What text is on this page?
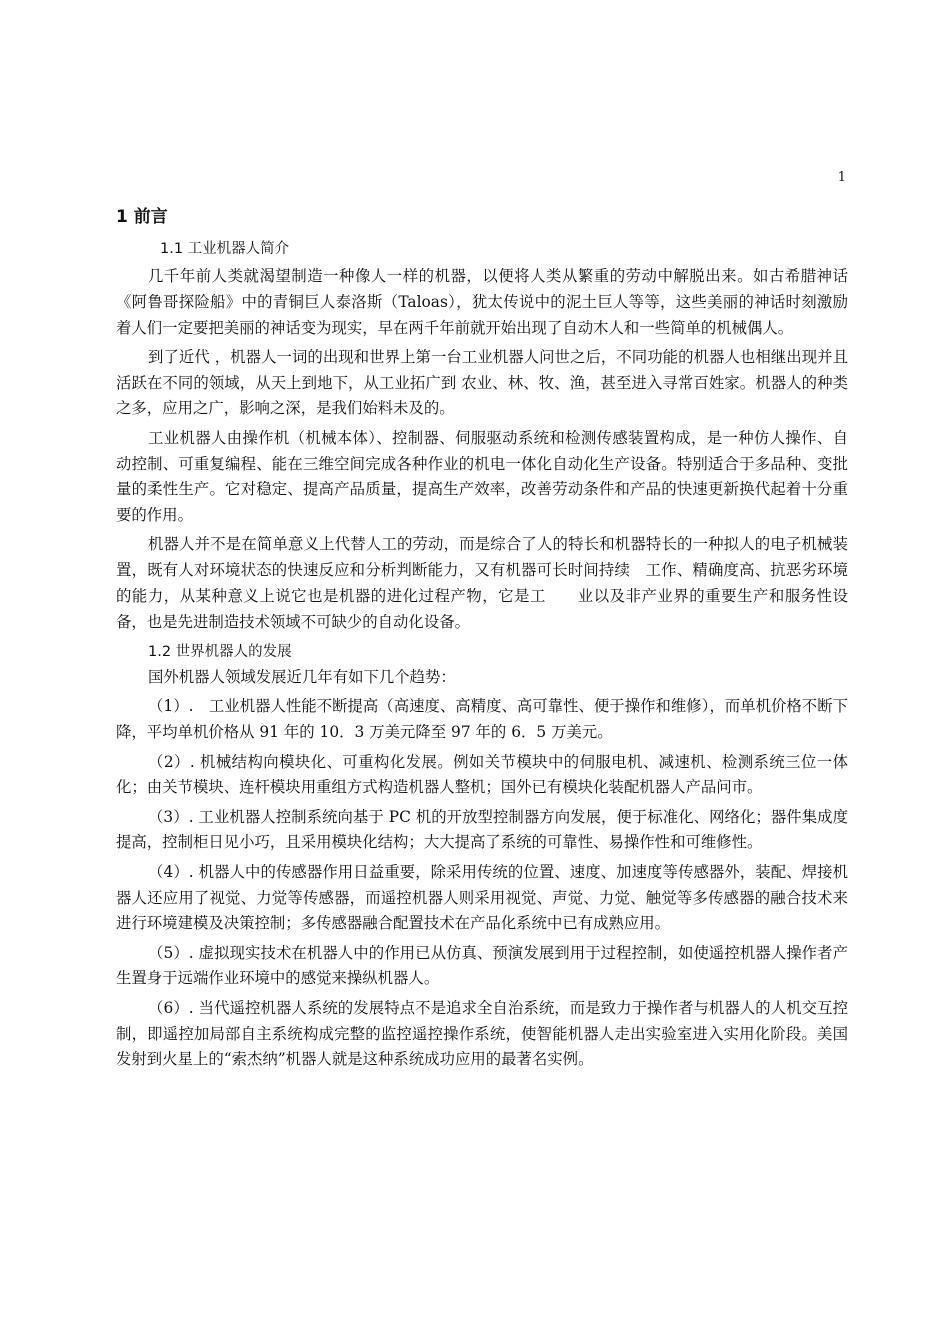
1
1 前言
1.1 工业机器人简介

几千年前人类就渴望制造一种像人一样的机器，以便将人类从繁重的劳动中解脱出来。如古希腊神话《阿鲁哥探险船》中的青铜巨人泰洛斯（Taloas），犹太传说中的泥土巨人等等，这些美丽的神话时刻激励着人们一定要把美丽的神话变为现实，早在两千年前就开始出现了自动木人和一些简单的机械偶人。

到了近代 ，机器人一词的出现和世界上第一台工业机器人问世之后，不同功能的机器人也相继出现并且活跃在不同的领域，从天上到地下，从工业拓广到 农业、林、牧、渔，甚至进入寻常百姓家。机器人的种类之多，应用之广，影响之深，是我们始料未及的。

工业机器人由操作机（机械本体）、控制器、伺服驱动系统和检测传感装置构成，是一种仿人操作、自动控制、可重复编程、能在三维空间完成各种作业的机电一体化自动化生产设备。特别适合于多品种、变批量的柔性生产。它对稳定、提高产品质量，提高生产效率，改善劳动条件和产品的快速更新换代起着十分重要的作用。

机器人并不是在简单意义上代替人工的劳动，而是综合了人的特长和机器特长的一种拟人的电子机械装置，既有人对环境状态的快速反应和分析判断能力，又有机器可长时间持续　工作、精确度高、抗恶劣环境的能力，从某种意义上说它也是机器的进化过程产物，它是工　　业以及非产业界的重要生产和服务性设备，也是先进制造技术领域不可缺少的自动化设备。

1.2 世界机器人的发展

国外机器人领域发展近几年有如下几个趋势：

（1）.　工业机器人性能不断提高（高速度、高精度、高可靠性、便于操作和维修），而单机价格不断下降，平均单机价格从 91 年的 10．3 万美元降至 97 年的 6．5 万美元。

（2）. 机械结构向模块化、可重构化发展。例如关节模块中的伺服电机、减速机、检测系统三位一体化；由关节模块、连杆模块用重组方式构造机器人整机；国外已有模块化装配机器人产品问市。

（3）. 工业机器人控制系统向基于 PC 机的开放型控制器方向发展，便于标准化、网络化；器件集成度提高，控制柜日见小巧，且采用模块化结构；大大提高了系统的可靠性、易操作性和可维修性。

（4）. 机器人中的传感器作用日益重要，除采用传统的位置、速度、加速度等传感器外，装配、焊接机器人还应用了视觉、力觉等传感器，而遥控机器人则采用视觉、声觉、力觉、触觉等多传感器的融合技术来进行环境建模及决策控制；多传感器融合配置技术在产品化系统中已有成熟应用。

（5）. 虚拟现实技术在机器人中的作用已从仿真、预演发展到用于过程控制，如使遥控机器人操作者产生置身于远端作业环境中的感觉来操纵机器人。

（6）. 当代遥控机器人系统的发展特点不是追求全自治系统，而是致力于操作者与机器人的人机交互控制，即遥控加局部自主系统构成完整的监控遥控操作系统，使智能机器人走出实验室进入实用化阶段。美国发射到火星上的“索杰纳”机器人就是这种系统成功应用的最著名实例。
